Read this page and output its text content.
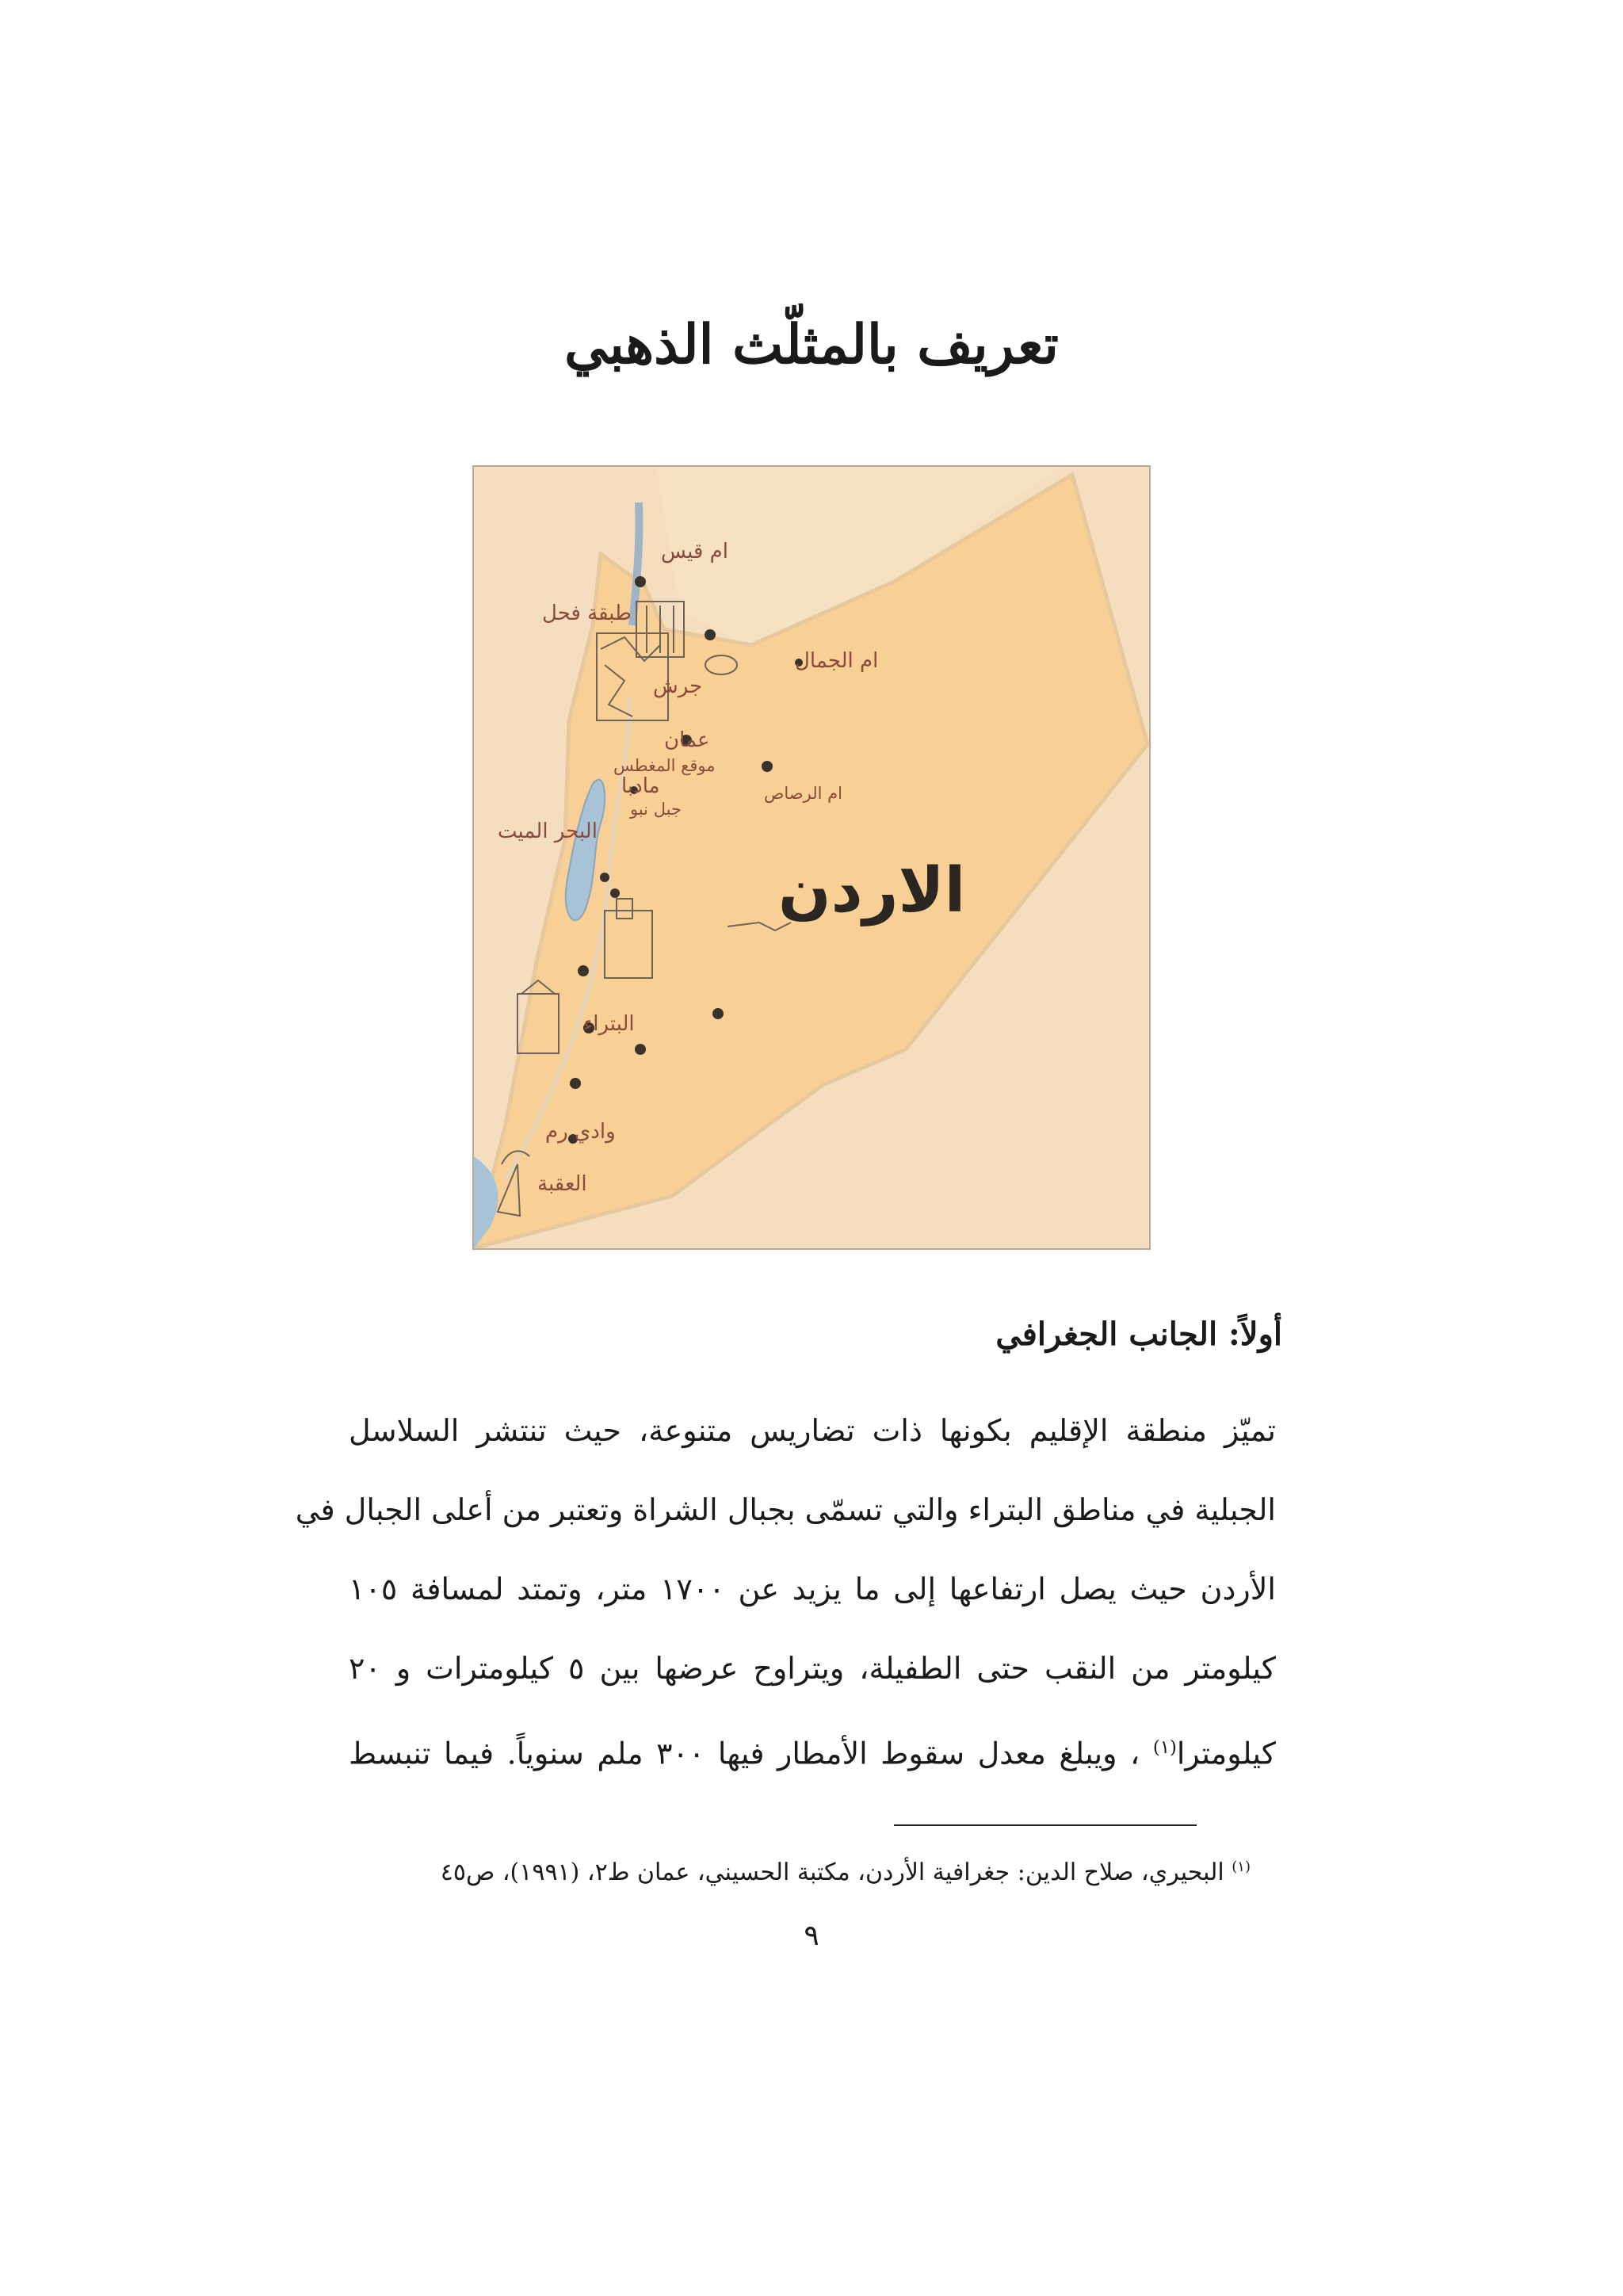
تعريف بالمثلّث الذهبي
ام قيس
طبقة فحل
ام الجمال
جرش
عمان
موقع المغطس
مادبا	ام الرصاص
جبل نبو
البحر الميت
الاردن
البتراء
وادي رم
العقبة
أولاً: الجانب الجغرافي
تميّز منطقة الإقليم بكونها ذات تضاريس متنوعة، حيث تنتشر السلاسل
الجبلية في مناطق البتراء والتي تسمّى بجبال الشراة وتعتبر من أعلى الجبال في
الأردن حيث يصل ارتفاعها إلى ما يزيد عن ١٧٠٠ متر، وتمتد لمسافة ١٠٥
كيلومتر من النقب حتى الطفيلة، ويتراوح عرضها بين ٥ كيلومترات و ٢٠
كيلومترا$^{(١)}$ ، ويبلغ معدل سقوط الأمطار فيها ٣٠٠ ملم سنوياً. فيما تنبسط
$^{(١)}$ البحيري، صلاح الدين: جغرافية الأردن، مكتبة الحسيني، عمان ط٢، (١٩٩١)، ص٤٥
٩
